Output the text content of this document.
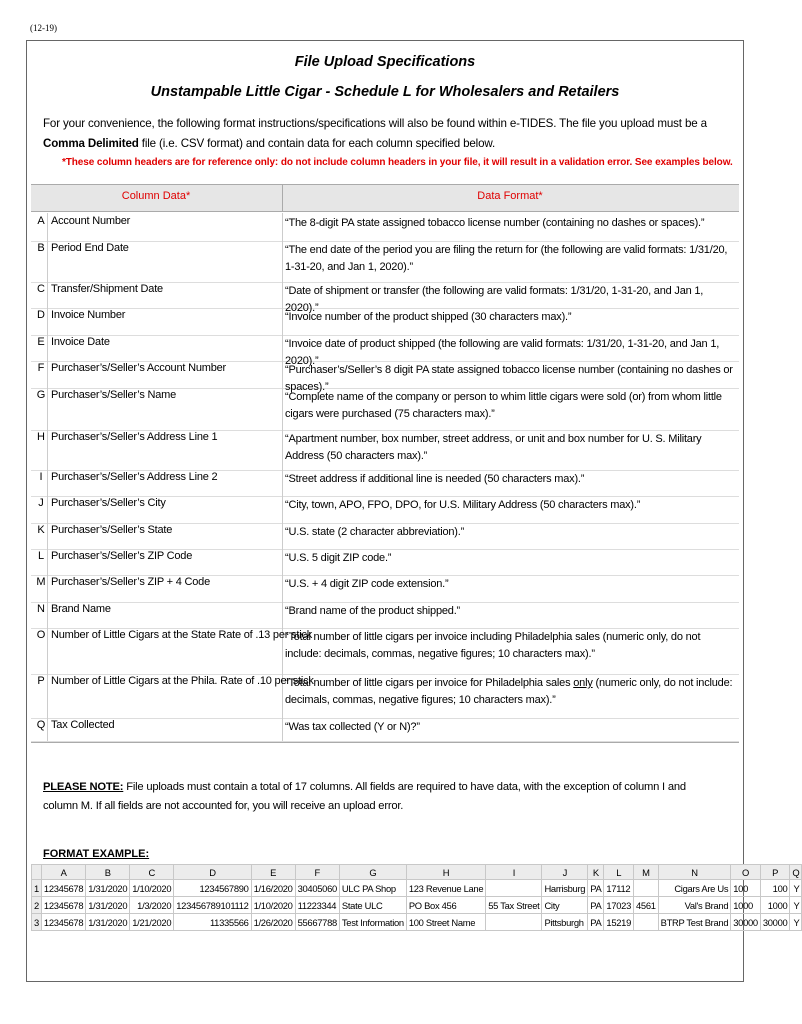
(12-19)
File Upload Specifications
Unstampable Little Cigar - Schedule L for Wholesalers and Retailers
For your convenience, the following format instructions/specifications will also be found within e-TIDES. The file you upload must be a Comma Delimited file (i.e. CSV format) and contain data for each column specified below.
*These column headers are for reference only: do not include column headers in your file, it will result in a validation error. See examples below.
Column Data*	Data Format*
A Account Number	“The 8-digit PA state assigned tobacco license number (containing no dashes or spaces).”
B Period End Date	“The end date of the period you are filing the return for (the following are valid formats: 1/31/20, 1-31-20, and Jan 1, 2020).”
C Transfer/Shipment Date	“Date of shipment or transfer (the following are valid formats: 1/31/20, 1-31-20, and Jan 1, 2020).”
D Invoice Number	“Invoice number of the product shipped (30 characters max).”
E Invoice Date	“Invoice date of product shipped (the following are valid formats: 1/31/20, 1-31-20, and Jan 1, 2020).”
F Purchaser’s/Seller’s Account Number	“Purchaser’s/Seller’s 8 digit PA state assigned tobacco license number (containing no dashes or spaces).”
G Purchaser’s/Seller’s Name	“Complete name of the company or person to whim little cigars were sold (or) from whom little cigars were purchased (75 characters max).”
H Purchaser’s/Seller’s Address Line 1	“Apartment number, box number, street address, or unit and box number for U. S. Military Address (50 characters max).”
I Purchaser’s/Seller’s Address Line 2	“Street address if additional line is needed (50 characters max).”
J Purchaser’s/Seller’s City	“City, town, APO, FPO, DPO, for U.S. Military Address (50 characters max).”
K Purchaser’s/Seller’s State	“U.S. state (2 character abbreviation).”
L Purchaser’s/Seller’s ZIP Code	“U.S. 5 digit ZIP code.”
M Purchaser’s/Seller’s ZIP + 4 Code	“U.S. + 4 digit ZIP code extension.”
N Brand Name	“Brand name of the product shipped.”
O Number of Little Cigars at the State Rate of .13 per stick
“Total number of little cigars per invoice including Philadelphia sales (numeric only, do not include: decimals, commas, negative figures; 10 characters max).”
P Number of Little Cigars at the Phila. Rate of .10 per stick
“Total number of little cigars per invoice for Philadelphia sales only (numeric only, do not include: decimals, commas, negative figures; 10 characters max).”
Q Tax Collected	“Was tax collected (Y or N)?”
PLEASE NOTE: File uploads must contain a total of 17 columns. All fields are required to have data, with the exception of column I and column M. If all fields are not accounted for, you will receive an upload error.
FORMAT EXAMPLE:
	A	B	C	D	E	F	G	H	I	J	K	L	M	N	O	P	Q
1	12345678	1/31/2020	1/10/2020	1234567890	1/16/2020	30405060	ULC PA Shop	123 Revenue Lane		Harrisburg	PA	17112		Cigars Are Us	100	100	Y
2	12345678	1/31/2020	1/3/2020	123456789101112	1/10/2020	11223344	State ULC	PO Box 456	55 Tax Street	City	PA	17023	4561	Val's Brand	1000	1000	Y
3	12345678	1/31/2020	1/21/2020	11335566	1/26/2020	55667788	Test Information	100 Street Name		Pittsburgh	PA	15219		BTRP Test Brand	30000	30000	Y
